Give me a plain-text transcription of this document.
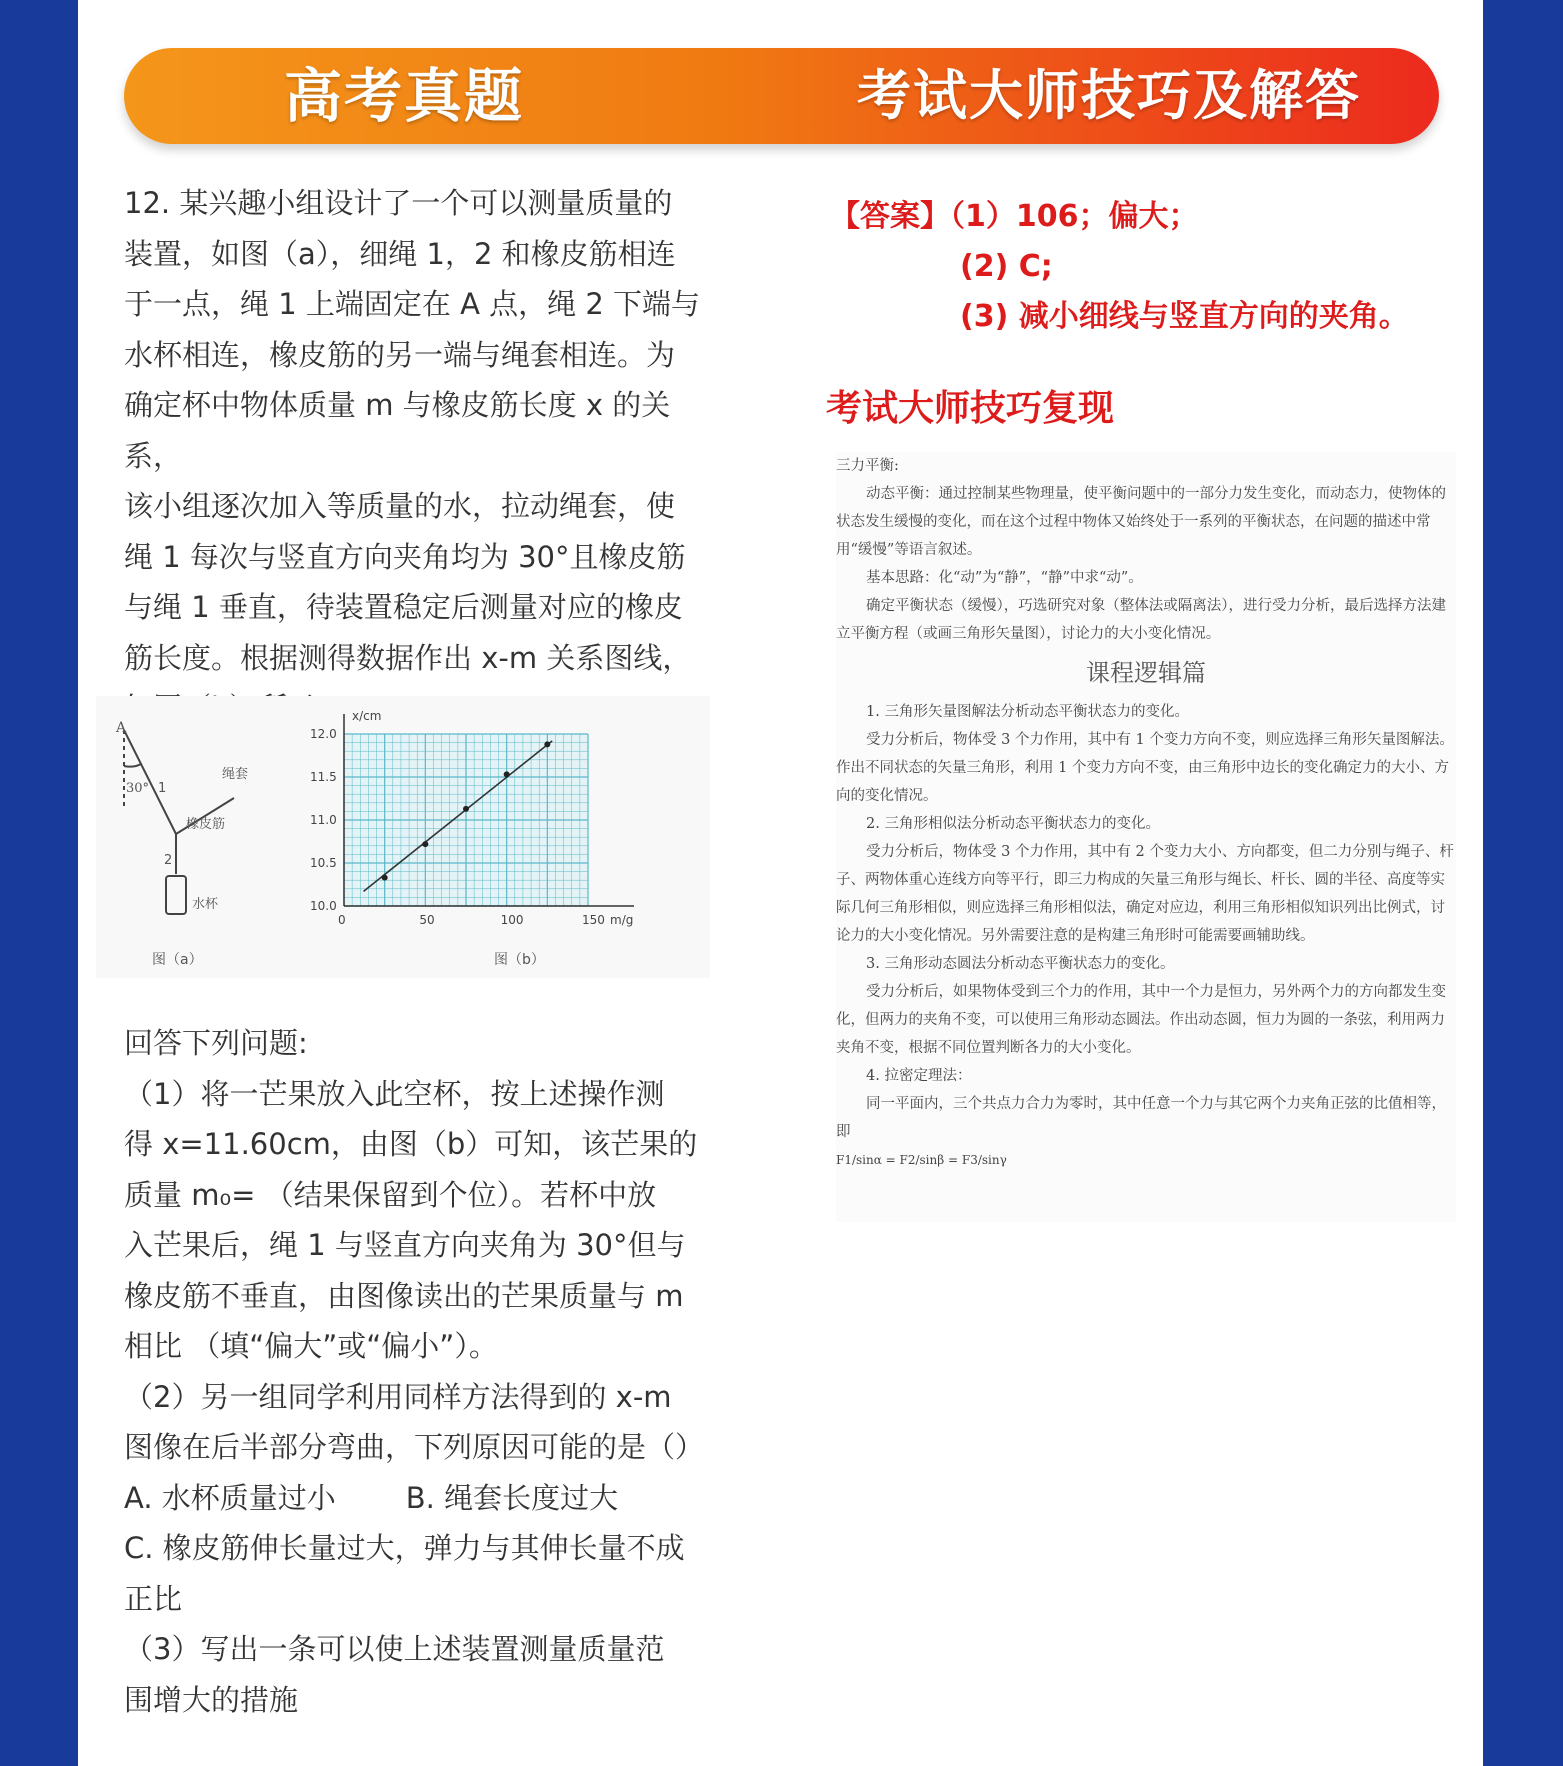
高考真题	考试大师技巧及解答

12. 某兴趣小组设计了一个可以测量质量的

装置，如图（a），细绳 1，2 和橡皮筋相连

于一点，绳 1 上端固定在 A 点，绳 2 下端与

水杯相连，橡皮筋的另一端与绳套相连。为

确定杯中物体质量 m 与橡皮筋长度 x 的关系，

该小组逐次加入等质量的水，拉动绳套，使

绳 1 每次与竖直方向夹角均为 30°且橡皮筋

与绳 1 垂直，待装置稳定后测量对应的橡皮

筋长度。根据测得数据作出 x-m 关系图线，

A
30° 1
2
绳套
橡皮筋
水杯
图（a）
m/g
x/cm
0	50	100	150
10.0
10.5
11.0
11.5
12.0
图（b）

回答下列问题:

（1）将一芒果放入此空杯，按上述操作测

得 x=11.60cm，由图（b）可知，该芒果的

质量 m₀= （结果保留到个位）。若杯中放

入芒果后，绳 1 与竖直方向夹角为 30°但与

橡皮筋不垂直，由图像读出的芒果质量与 m

相比 （填“偏大”或“偏小”）。

（2）另一组同学利用同样方法得到的 x-m

图像在后半部分弯曲，下列原因可能的是（）

A. 水杯质量过小 B. 绳套长度过大

C. 橡皮筋伸长量过大，弹力与其伸长量不成

正比

（3）写出一条可以使上述装置测量质量范

围增大的措施

【答案】（1）106；偏大；
(2) C;
(3) 减小细线与竖直方向的夹角。
考试大师技巧复现

三力平衡:

动态平衡：通过控制某些物理量，使平衡问题中的一部分力发生变化，而动态力，使物体的状态发生缓慢的变化，而在这个过程中物体又始终处于一系列的平衡状态，在问题的描述中常用“缓慢”等语言叙述。

基本思路：化“动”为“静”，“静”中求“动”。

确定平衡状态（缓慢），巧选研究对象（整体法或隔离法），进行受力分析，最后选择方法建立平衡方程（或画三角形矢量图），讨论力的大小变化情况。

课程逻辑篇

1. 三角形矢量图解法分析动态平衡状态力的变化。

受力分析后，物体受 3 个力作用，其中有 1 个变力方向不变，则应选择三角形矢量图解法。作出不同状态的矢量三角形，利用 1 个变力方向不变，由三角形中边长的变化确定力的大小、方向的变化情况。

2. 三角形相似法分析动态平衡状态力的变化。

受力分析后，物体受 3 个力作用，其中有 2 个变力大小、方向都变，但二力分别与绳子、杆子、两物体重心连线方向等平行，即三力构成的矢量三角形与绳长、杆长、圆的半径、高度等实际几何三角形相似，则应选择三角形相似法，确定对应边，利用三角形相似知识列出比例式，讨论力的大小变化情况。另外需要注意的是构建三角形时可能需要画辅助线。

3. 三角形动态圆法分析动态平衡状态力的变化。

受力分析后，如果物体受到三个力的作用，其中一个力是恒力，另外两个力的方向都发生变化，但两力的夹角不变，可以使用三角形动态圆法。作出动态圆，恒力为圆的一条弦，利用两力夹角不变，根据不同位置判断各力的大小变化。

4. 拉密定理法：

同一平面内，三个共点力合力为零时，其中任意一个力与其它两个力夹角正弦的比值相等，即

F1/sinα = F2/sinβ = F3/sinγ
